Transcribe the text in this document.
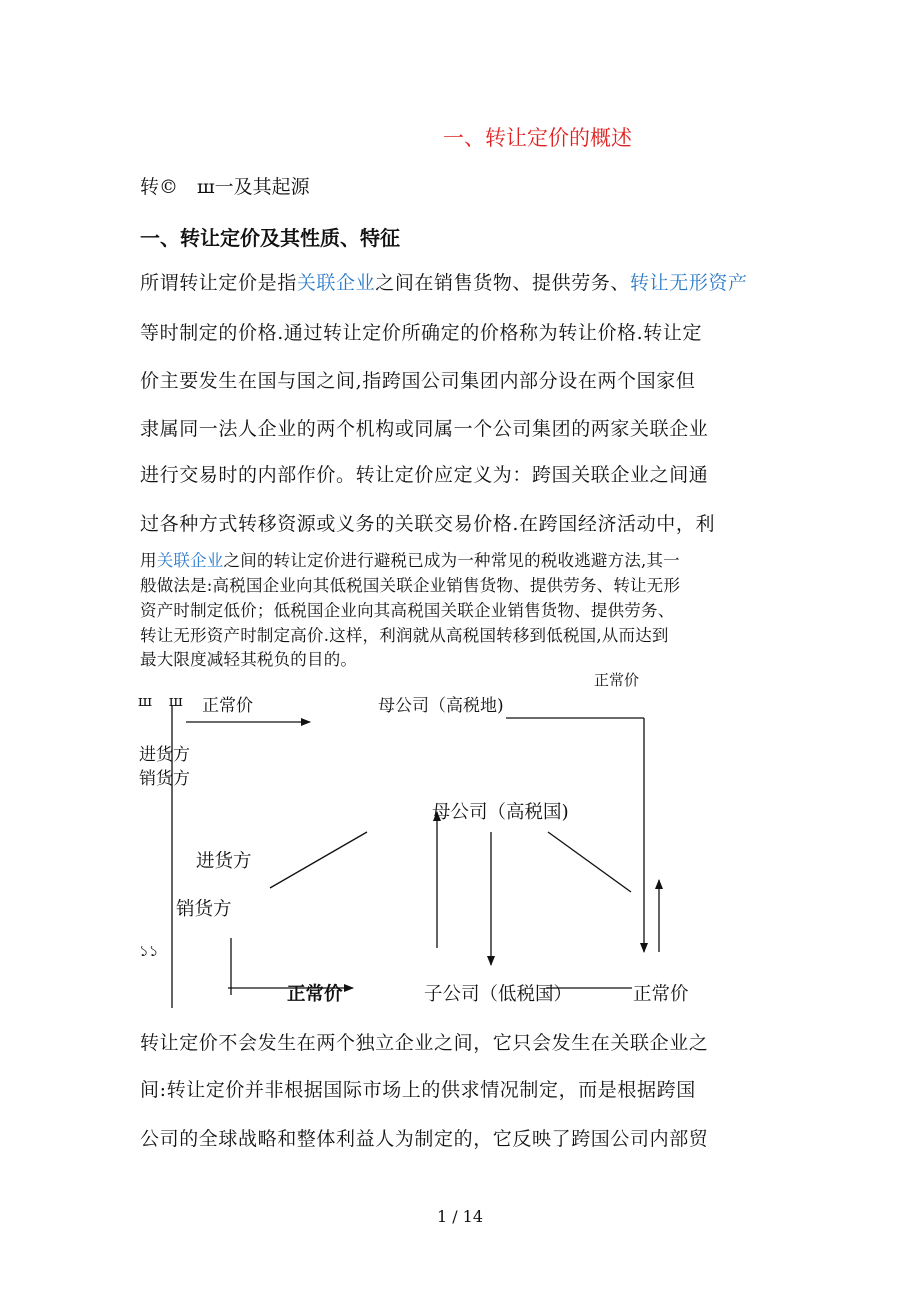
一、转让定价的概述
转©　ш一及其起源
一、转让定价及其性质、特征
所谓转让定价是指关联企业之间在销售货物、提供劳务、转让无形资产
等时制定的价格.通过转让定价所确定的价格称为转让价格.转让定
价主要发生在国与国之间,指跨国公司集团内部分设在两个国家但
隶属同一法人企业的两个机构或同属一个公司集团的两家关联企业
进行交易时的内部作价。转让定价应定义为：跨国关联企业之间通
过各种方式转移资源或义务的关联交易价格.在跨国经济活动中，利
用关联企业之间的转让定价进行避税已成为一种常见的税收逃避方法,其一
般做法是:高税国企业向其低税国关联企业销售货物、提供劳务、转让无形
资产时制定低价；低税国企业向其高税国关联企业销售货物、提供劳务、
转让无形资产时制定高价.这样，利润就从高税国转移到低税国,从而达到
最大限度减轻其税负的目的。
正常价
ш ш 正常价	母公司（高税地)
进货方
销货方
母公司（高税国)
进货方
销货方
১১
正常价	子公司（低税国）	正常价
转让定价不会发生在两个独立企业之间，它只会发生在关联企业之
间:转让定价并非根据国际市场上的供求情况制定，而是根据跨国
公司的全球战略和整体利益人为制定的，它反映了跨国公司内部贸
1 / 14
